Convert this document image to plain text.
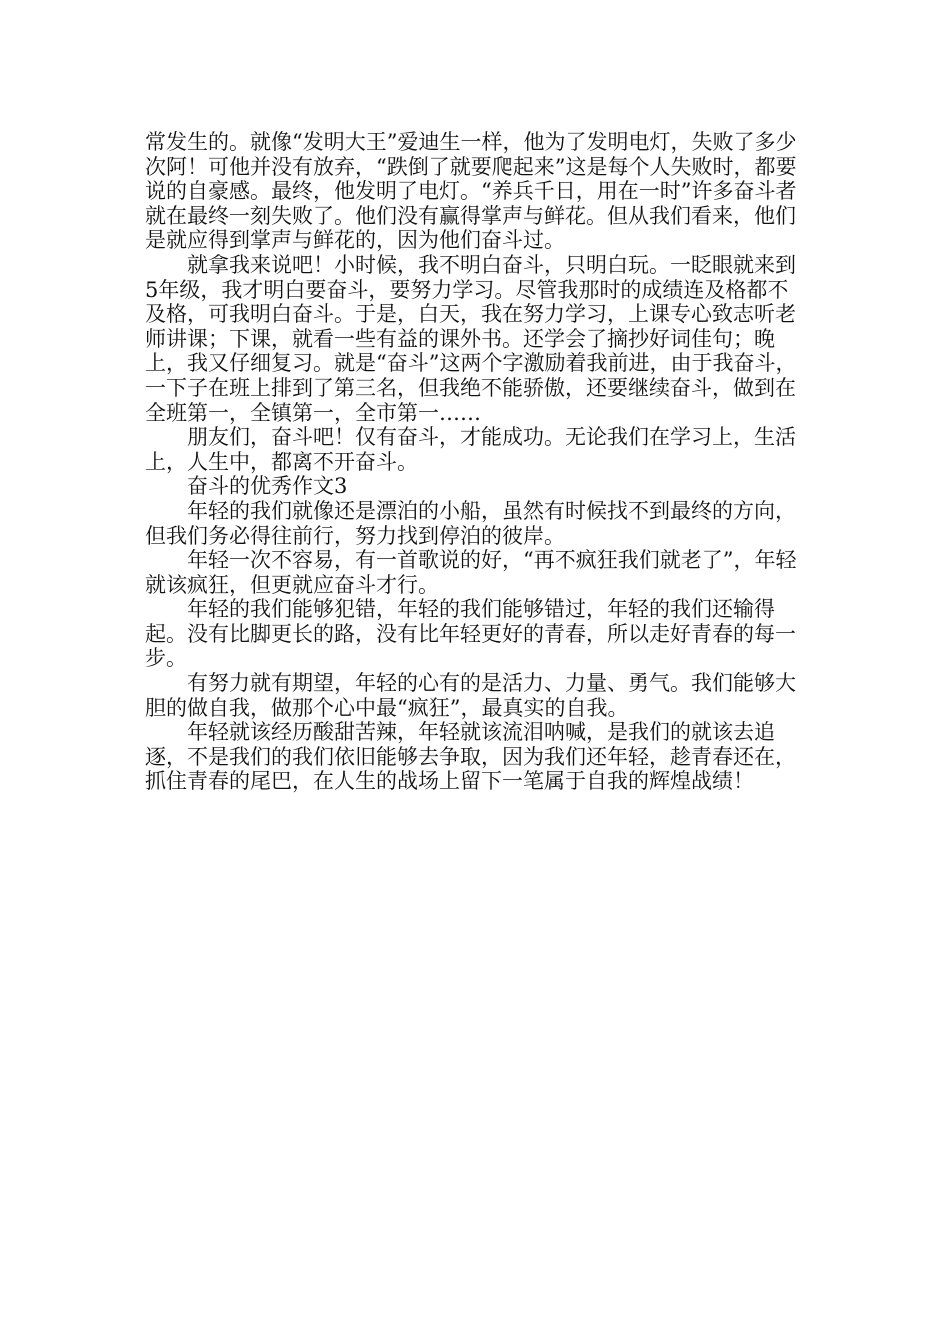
常发生的。就像“发明大王”爱迪生一样，他为了发明电灯，失败了多少次阿！可他并没有放弃，“跌倒了就要爬起来”这是每个人失败时，都要说的自豪感。最终，他发明了电灯。“养兵千日，用在一时”许多奋斗者就在最终一刻失败了。他们没有赢得掌声与鲜花。但从我们看来，他们是就应得到掌声与鲜花的，因为他们奋斗过。

就拿我来说吧！小时候，我不明白奋斗，只明白玩。一眨眼就来到5年级，我才明白要奋斗，要努力学习。尽管我那时的成绩连及格都不及格，可我明白奋斗。于是，白天，我在努力学习，上课专心致志听老师讲课；下课，就看一些有益的课外书。还学会了摘抄好词佳句；晚上，我又仔细复习。就是“奋斗”这两个字激励着我前进，由于我奋斗，一下子在班上排到了第三名，但我绝不能骄傲，还要继续奋斗，做到在全班第一，全镇第一，全市第一……

朋友们，奋斗吧！仅有奋斗，才能成功。无论我们在学习上，生活上，人生中，都离不开奋斗。

奋斗的优秀作文3

年轻的我们就像还是漂泊的小船，虽然有时候找不到最终的方向，但我们务必得往前行，努力找到停泊的彼岸。

年轻一次不容易，有一首歌说的好，“再不疯狂我们就老了”，年轻就该疯狂，但更就应奋斗才行。

年轻的我们能够犯错，年轻的我们能够错过，年轻的我们还输得起。没有比脚更长的路，没有比年轻更好的青春，所以走好青春的每一步。

有努力就有期望，年轻的心有的是活力、力量、勇气。我们能够大胆的做自我，做那个心中最“疯狂”，最真实的自我。

年轻就该经历酸甜苦辣，年轻就该流泪呐喊，是我们的就该去追逐，不是我们的我们依旧能够去争取，因为我们还年轻，趁青春还在，抓住青春的尾巴，在人生的战场上留下一笔属于自我的辉煌战绩！
